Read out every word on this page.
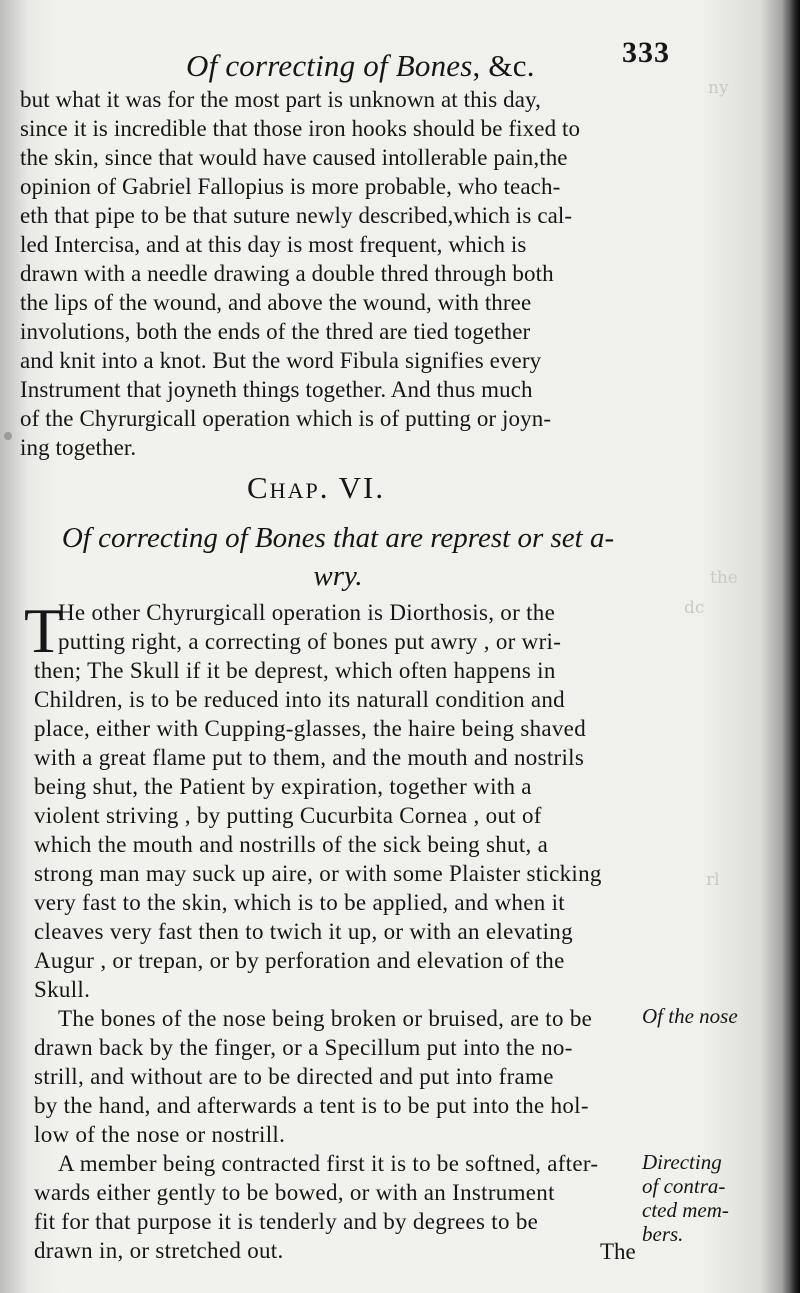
ny
the
dc
rl
Of correcting of Bones, &c.	333
but what it was for the most part is unknown at this day,
since it is incredible that those iron hooks should be fixed to
the skin, since that would have caused intollerable pain,the
opinion of Gabriel Fallopius is more probable, who teach-
eth that pipe to be that suture newly described,which is cal-
led Intercisa, and at this day is most frequent, which is
drawn with a needle drawing a double thred through both
the lips of the wound, and above the wound, with three
involutions, both the ends of the thred are tied together
and knit into a knot. But the word Fibula signifies every
Instrument that joyneth things together. And thus much
of the Chyrurgicall operation which is of putting or joyn-
ing together.
Chap. VI.
Of correcting of Bones that are represt or set a-
wry.
T
He other Chyrurgicall operation is Diorthosis, or the
putting right, a correcting of bones put awry , or wri-
then; The Skull if it be deprest, which often happens in
Children, is to be reduced into its naturall condition and
place, either with Cupping-glasses, the haire being shaved
with a great flame put to them, and the mouth and nostrils
being shut, the Patient by expiration, together with a
violent striving , by putting Cucurbita Cornea , out of
which the mouth and nostrills of the sick being shut, a
strong man may suck up aire, or with some Plaister sticking
very fast to the skin, which is to be applied, and when it
cleaves very fast then to twich it up, or with an elevating
Augur , or trepan, or by perforation and elevation of the
Skull.
The bones of the nose being broken or bruised, are to be
drawn back by the finger, or a Specillum put into the no-
strill, and without are to be directed and put into frame
by the hand, and afterwards a tent is to be put into the hol-
low of the nose or nostrill.
A member being contracted first it is to be softned, after-
wards either gently to be bowed, or with an Instrument
fit for that purpose it is tenderly and by degrees to be
drawn in, or stretched out.
Of the nose
Directing
of contra-
cted mem-
bers.
The
